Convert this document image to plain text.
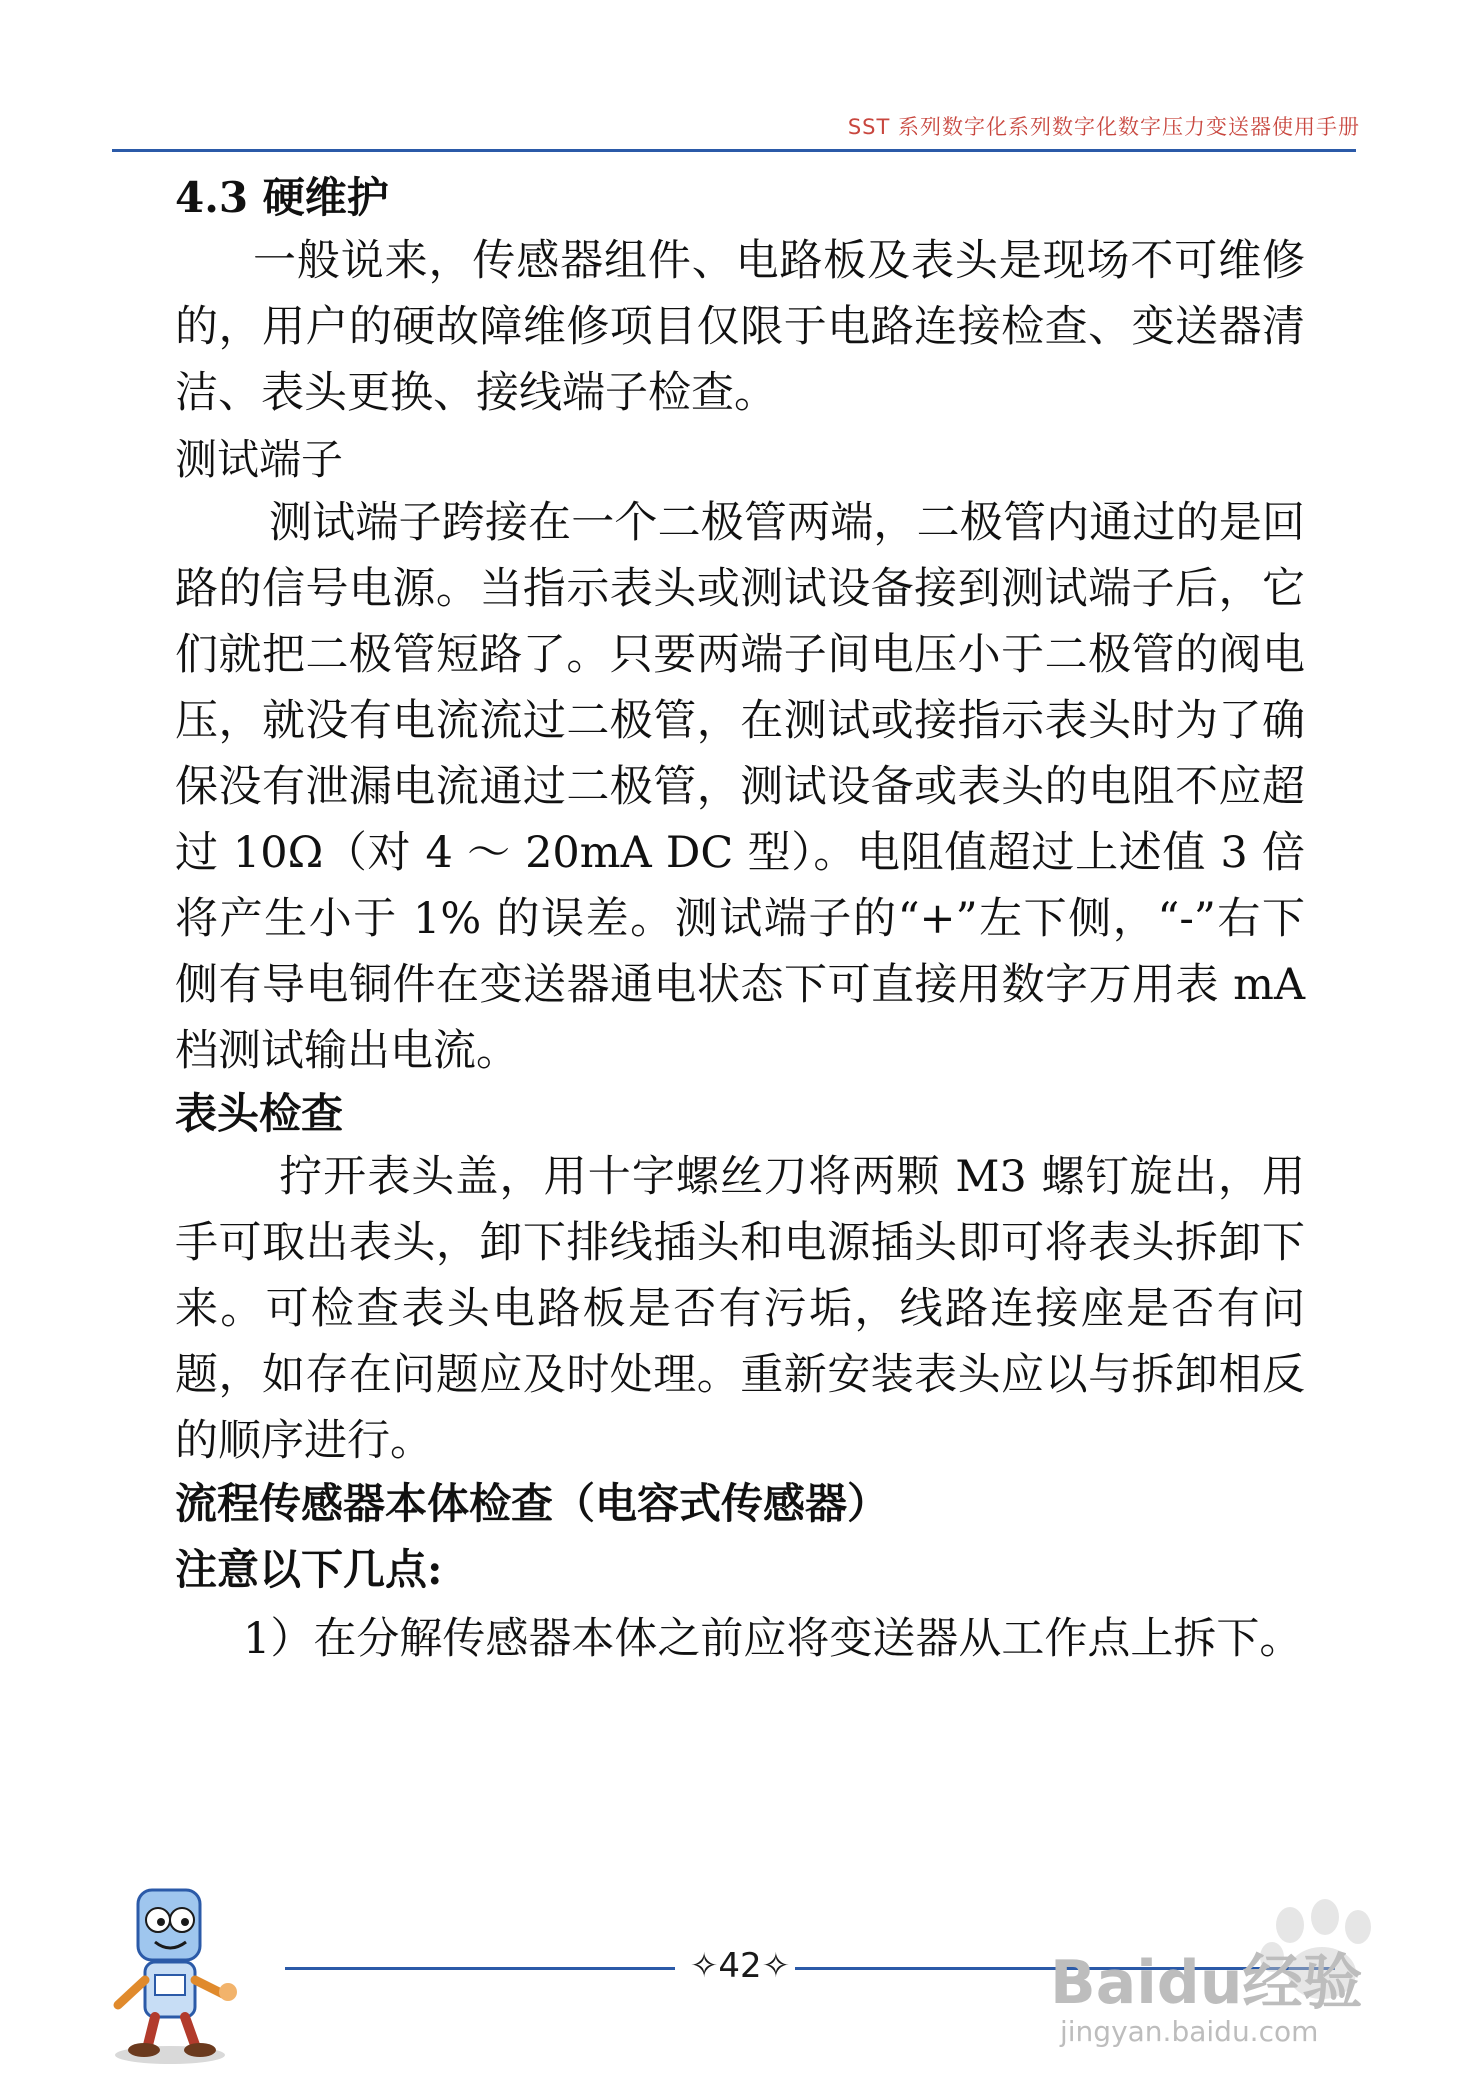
SST 系列数字化系列数字化数字压力变送器使用手册
4.3 硬维护

一般说来，传感器组件、电路板及表头是现场不可维修的，用户的硬故障维修项目仅限于电路连接检查、变送器清洁、表头更换、接线端子检查。

测试端子

测试端子跨接在一个二极管两端，二极管内通过的是回路的信号电源。当指示表头或测试设备接到测试端子后，它们就把二极管短路了。只要两端子间电压小于二极管的阀电压，就没有电流流过二极管，在测试或接指示表头时为了确保没有泄漏电流通过二极管，测试设备或表头的电阻不应超过 10Ω（对 4 ～ 20mA DC 型）。电阻值超过上述值 3 倍将产生小于 1% 的误差。测试端子的“+”左下侧，“-”右下侧有导电铜件在变送器通电状态下可直接用数字万用表 mA 档测试输出电流。

表头检查

拧开表头盖，用十字螺丝刀将两颗 M3 螺钉旋出，用手可取出表头，卸下排线插头和电源插头即可将表头拆卸下来。可检查表头电路板是否有污垢，线路连接座是否有问题，如存在问题应及时处理。重新安装表头应以与拆卸相反的顺序进行。

流程传感器本体检查（电容式传感器）
注意以下几点:

1）在分解传感器本体之前应将变送器从工作点上拆下。

✧42✧	Baidu经验
jingyan.baidu.com
